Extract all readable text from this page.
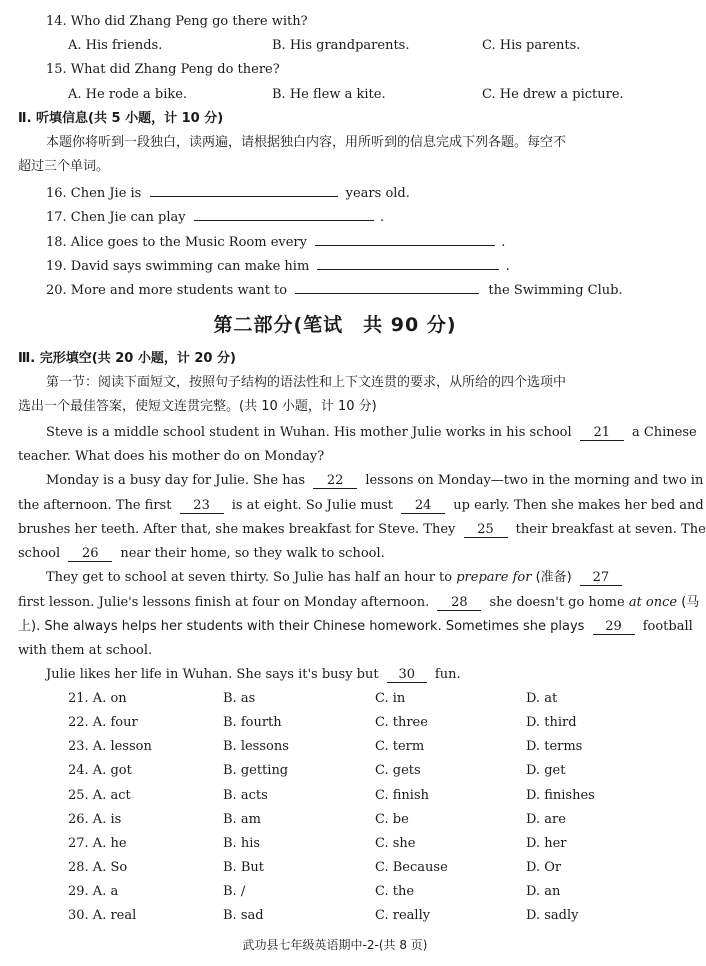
14. Who did Zhang Peng go there with?
A. His friends.	B. His grandparents.	C. His parents.
15. What did Zhang Peng do there?
A. He rode a bike.	B. He flew a kite.	C. He drew a picture.
Ⅱ. 听填信息(共 5 小题，计 10 分)
本题你将听到一段独白，读两遍，请根据独白内容，用所听到的信息完成下列各题。每空不
超过三个单词。
16. Chen Jie is	years old.
17. Chen Jie can play	.
18. Alice goes to the Music Room every	.
19. David says swimming can make him	.
20. More and more students want to	the Swimming Club.
第二部分(笔试　共 90 分)
Ⅲ. 完形填空(共 20 小题，计 20 分)
第一节：阅读下面短文，按照句子结构的语法性和上下文连贯的要求，从所给的四个选项中
选出一个最佳答案，使短文连贯完整。(共 10 小题，计 10 分)
Steve is a middle school student in Wuhan. His mother Julie works in his school 21 a Chinese
teacher. What does his mother do on Monday?
Monday is a busy day for Julie. She has 22 lessons on Monday—two in the morning and two in
the afternoon. The first 23 is at eight. So Julie must 24 up early. Then she makes her bed and
brushes her teeth. After that, she makes breakfast for Steve. They 25 their breakfast at seven. The
school 26 near their home, so they walk to school.
They get to school at seven thirty. So Julie has half an hour to prepare for (准备) 27
first lesson. Julie's lessons finish at four on Monday afternoon. 28 she doesn't go home at once (马
上). She always helps her students with their Chinese homework. Sometimes she plays 29 football
with them at school.
Julie likes her life in Wuhan. She says it's busy but 30 fun.
21. A. on	B. as	C. in	D. at
22. A. four	B. fourth	C. three	D. third
23. A. lesson	B. lessons	C. term	D. terms
24. A. got	B. getting	C. gets	D. get
25. A. act	B. acts	C. finish	D. finishes
26. A. is	B. am	C. be	D. are
27. A. he	B. his	C. she	D. her
28. A. So	B. But	C. Because	D. Or
29. A. a	B. /	C. the	D. an
30. A. real	B. sad	C. really	D. sadly
武功县七年级英语期中-2-(共 8 页)
